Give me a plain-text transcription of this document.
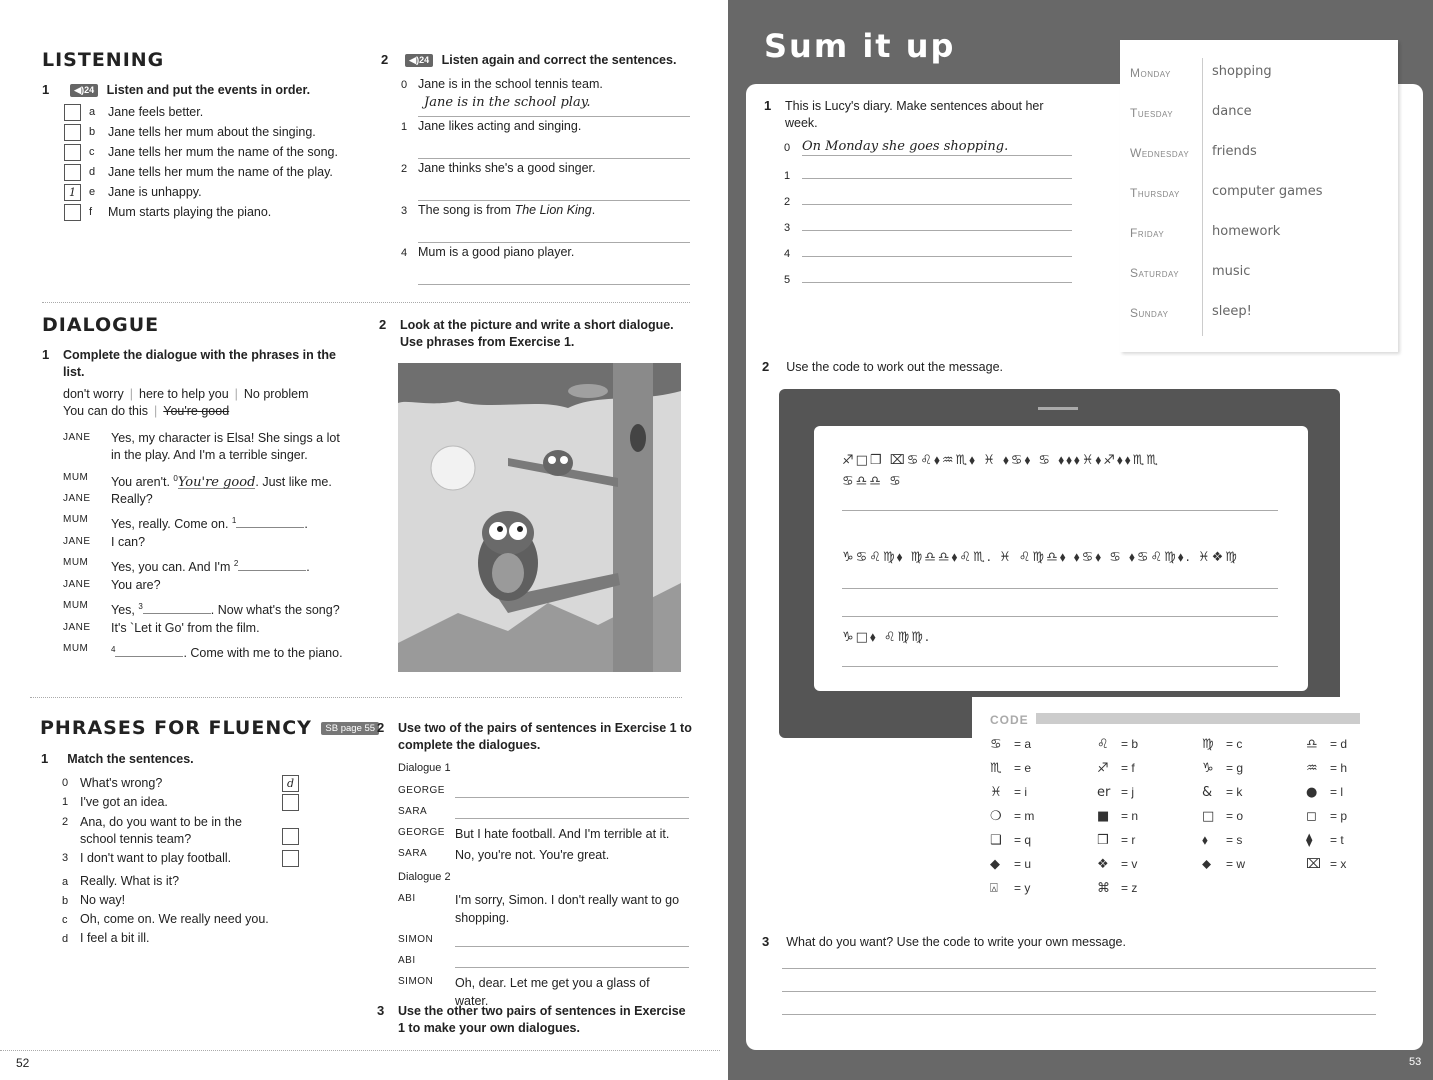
LISTENING
1	◀)24 Listen and put the events in order.
a Jane feels better.
b Jane tells her mum about the singing.
c Jane tells her mum the name of the song.
d Jane tells her mum the name of the play.
1	e Jane is unhappy.
f Mum starts playing the piano.
2 ◀)24 Listen again and correct the sentences.
0 Jane is in the school tennis team.
Jane is in the school play.
1 Jane likes acting and singing.
2 Jane thinks she's a good singer.
3 The song is from The Lion King.
4 Mum is a good piano player.
DIALOGUE
1 Complete the dialogue with the phrases in the list.
don't worry | here to help you | No problem
You can do this | You're good
JANE	Yes, my character is Elsa! She sings a lot in the play. And I'm a terrible singer.
MUM	You aren't. $^0$You're good. Just like me.
JANE	Really?
MUM	Yes, really. Come on. $^1$	.
JANE	I can?
MUM	Yes, you can. And I'm $^2$	.
JANE	You are?
MUM	Yes, $^3$	. Now what's the song?
JANE	It's `Let it Go' from the film.
MUM	$^4$	. Come with me to the piano.
2 Look at the picture and write a short dialogue. Use phrases from Exercise 1.
PHRASES FOR FLUENCY SB page 55
1 Match the sentences.
0 What's wrong?	d
1 I've got an idea.
2 Ana, do you want to be in the school tennis team?
3 I don't want to play football.
a Really. What is it?
b No way!
c Oh, come on. We really need you.
d I feel a bit ill.
2 Use two of the pairs of sentences in Exercise 1 to complete the dialogues.
Dialogue 1
GEORGE
SARA
GEORGE But I hate football. And I'm terrible at it.
SARA	No, you're not. You're great.
Dialogue 2
ABI	I'm sorry, Simon. I don't really want to go shopping.
SIMON
ABI
SIMON	Oh, dear. Let me get you a glass of water.
3 Use the other two pairs of sentences in Exercise 1 to make your own dialogues.
52
Sum it up
1 This is Lucy's diary. Make sentences about her week.
0 On Monday she goes shopping.
1
2
3
4
5
Monday	shopping
Tuesday	dance
Wednesday friends
Thursday computer games
Friday	homework
Saturday	music
Sunday	sleep!
2 Use the code to work out the message.
♐□❒ ⌧♋♌⬧♒♏⬧ ♓ ⬧♋⬧ ♋ ⬧⬧⬧♓⬧♐⬧⬧♏♏
♋♎♎ ♋
♑♋♌♍⬧ ♍♎♎⬧♌♏. ♓ ♌♍♎⬧ ⬧♋⬧ ♋ ⬧♋♌♍⬧. ♓❖♍
♑□⬧ ♌♍♍.
CODE
♋ = a	♌ = b	♍ = c	♎ = d
♏ = e	♐ = f	♑ = g	♒ = h
♓ = i	er = j	& = k	● = l
❍ = m	■ = n	□ = o	◻ = p
❑ = q	❒ = r	⬧ = s	⧫ = t
◆ = u	❖ = v	⬥ = w	⌧ = x
⍓ = y	⌘ = z
3 What do you want? Use the code to write your own message.
53
